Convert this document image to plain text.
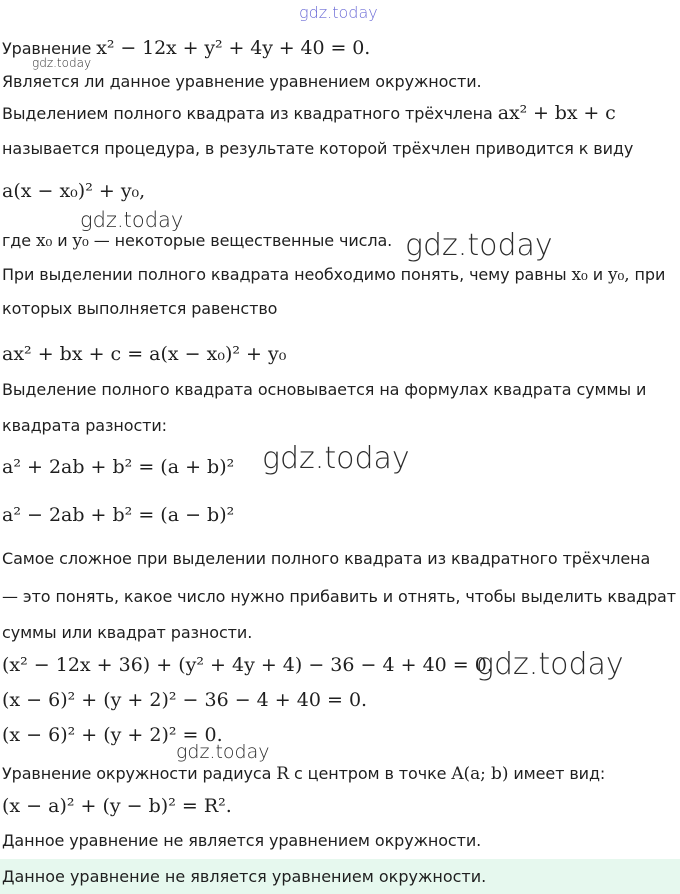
gdz.today
gdz.today
gdz.today
gdz.today
gdz.today
gdz.today
gdz.today
Уравнение x² − 12x + y² + 4y + 40 = 0.
Является ли данное уравнение уравнением окружности.
Выделением полного квадрата из квадратного трёхчлена ax² + bx + c
называется процедура, в результате которой трёхчлен приводится к виду
a(x − x₀)² + y₀,
где x₀ и y₀ — некоторые вещественные числа.
При выделении полного квадрата необходимо понять, чему равны x₀ и y₀, при
которых выполняется равенство
ax² + bx + c = a(x − x₀)² + y₀
Выделение полного квадрата основывается на формулах квадрата суммы и
квадрата разности:
a² + 2ab + b² = (a + b)²
a² − 2ab + b² = (a − b)²
Самое сложное при выделении полного квадрата из квадратного трёхчлена
— это понять, какое число нужно прибавить и отнять, чтобы выделить квадрат
суммы или квадрат разности.
(x² − 12x + 36) + (y² + 4y + 4) − 36 − 4 + 40 = 0.
(x − 6)² + (y + 2)² − 36 − 4 + 40 = 0.
(x − 6)² + (y + 2)² = 0.
Уравнение окружности радиуса R с центром в точке A(a; b) имеет вид:
(x − a)² + (y − b)² = R².
Данное уравнение не является уравнением окружности.
Данное уравнение не является уравнением окружности.
